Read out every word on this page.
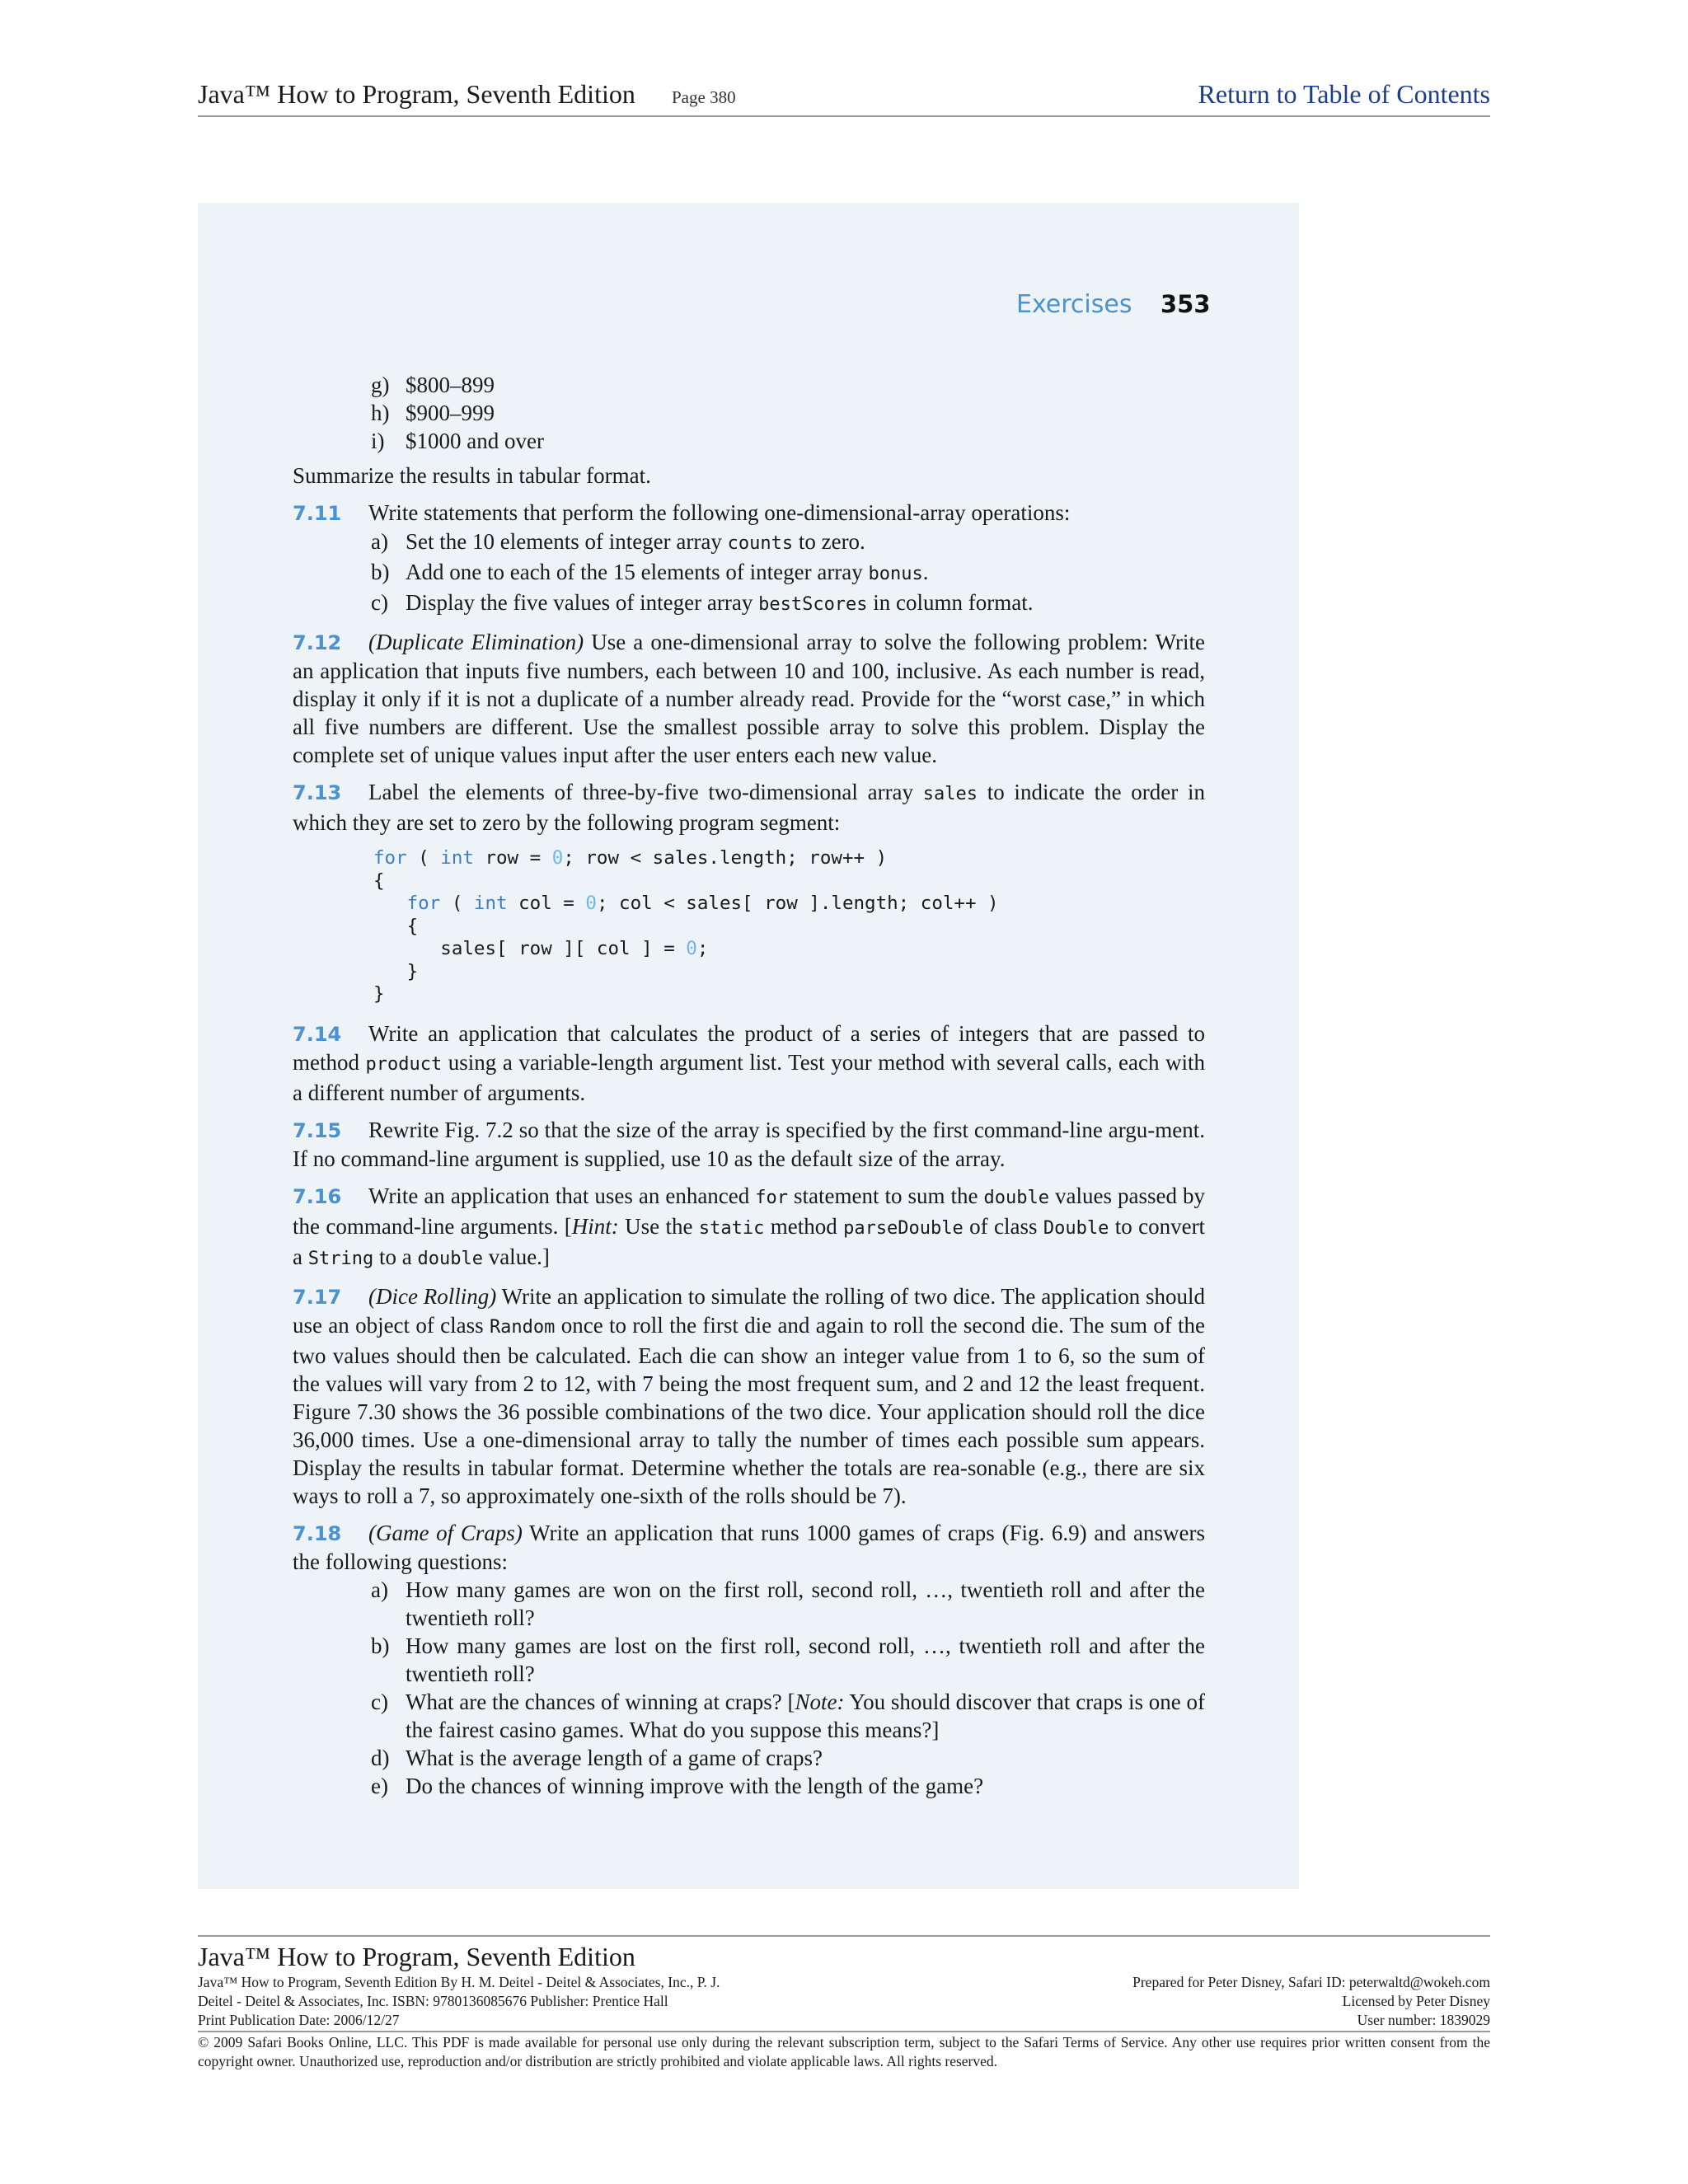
Java™ How to Program, Seventh Edition Page 380	Return to Table of Contents
Exercises 353
g) $800–899
h) $900–999
i) $1000 and over

Summarize the results in tabular format.

7.11 Write statements that perform the following one-dimensional-array operations:

a) Set the 10 elements of integer array counts to zero.
b) Add one to each of the 15 elements of integer array bonus.
c) Display the five values of integer array bestScores in column format.

7.12 (Duplicate Elimination) Use a one-dimensional array to solve the following problem: Write an application that inputs five numbers, each between 10 and 100, inclusive. As each number is read, display it only if it is not a duplicate of a number already read. Provide for the “worst case,” in which all five numbers are different. Use the smallest possible array to solve this problem. Display the complete set of unique values input after the user enters each new value.

7.13 Label the elements of three-by-five two-dimensional array sales to indicate the order in which they are set to zero by the following program segment:

for ( int row = 0; row < sales.length; row++ )
{
for ( int col = 0; col < sales[ row ].length; col++ )
{
sales[ row ][ col ] = 0;
}
}

7.14 Write an application that calculates the product of a series of integers that are passed to method product using a variable-length argument list. Test your method with several calls, each with a different number of arguments.

7.15 Rewrite Fig. 7.2 so that the size of the array is specified by the first command-line argu-ment. If no command-line argument is supplied, use 10 as the default size of the array.

7.16 Write an application that uses an enhanced for statement to sum the double values passed by the command-line arguments. [Hint: Use the static method parseDouble of class Double to convert a String to a double value.]

7.17 (Dice Rolling) Write an application to simulate the rolling of two dice. The application should use an object of class Random once to roll the first die and again to roll the second die. The sum of the two values should then be calculated. Each die can show an integer value from 1 to 6, so the sum of the values will vary from 2 to 12, with 7 being the most frequent sum, and 2 and 12 the least frequent. Figure 7.30 shows the 36 possible combinations of the two dice. Your application should roll the dice 36,000 times. Use a one-dimensional array to tally the number of times each possible sum appears. Display the results in tabular format. Determine whether the totals are rea-sonable (e.g., there are six ways to roll a 7, so approximately one-sixth of the rolls should be 7).

7.18 (Game of Craps) Write an application that runs 1000 games of craps (Fig. 6.9) and answers the following questions:

a) How many games are won on the first roll, second roll, …, twentieth roll and after the twentieth roll?
b) How many games are lost on the first roll, second roll, …, twentieth roll and after the twentieth roll?
c) What are the chances of winning at craps? [Note: You should discover that craps is one of the fairest casino games. What do you suppose this means?]
d) What is the average length of a game of craps?
e) Do the chances of winning improve with the length of the game?
Java™ How to Program, Seventh Edition
Java™ How to Program, Seventh Edition By H. M. Deitel - Deitel & Associates, Inc., P. J.	Prepared for Peter Disney, Safari ID: peterwaltd@wokeh.com
Deitel - Deitel & Associates, Inc. ISBN: 9780136085676 Publisher: Prentice Hall	Licensed by Peter Disney
Print Publication Date: 2006/12/27	User number: 1839029
© 2009 Safari Books Online, LLC. This PDF is made available for personal use only during the relevant subscription term, subject to the Safari Terms of Service. Any other use requires prior written consent from the copyright owner. Unauthorized use, reproduction and/or distribution are strictly prohibited and violate applicable laws. All rights reserved.
